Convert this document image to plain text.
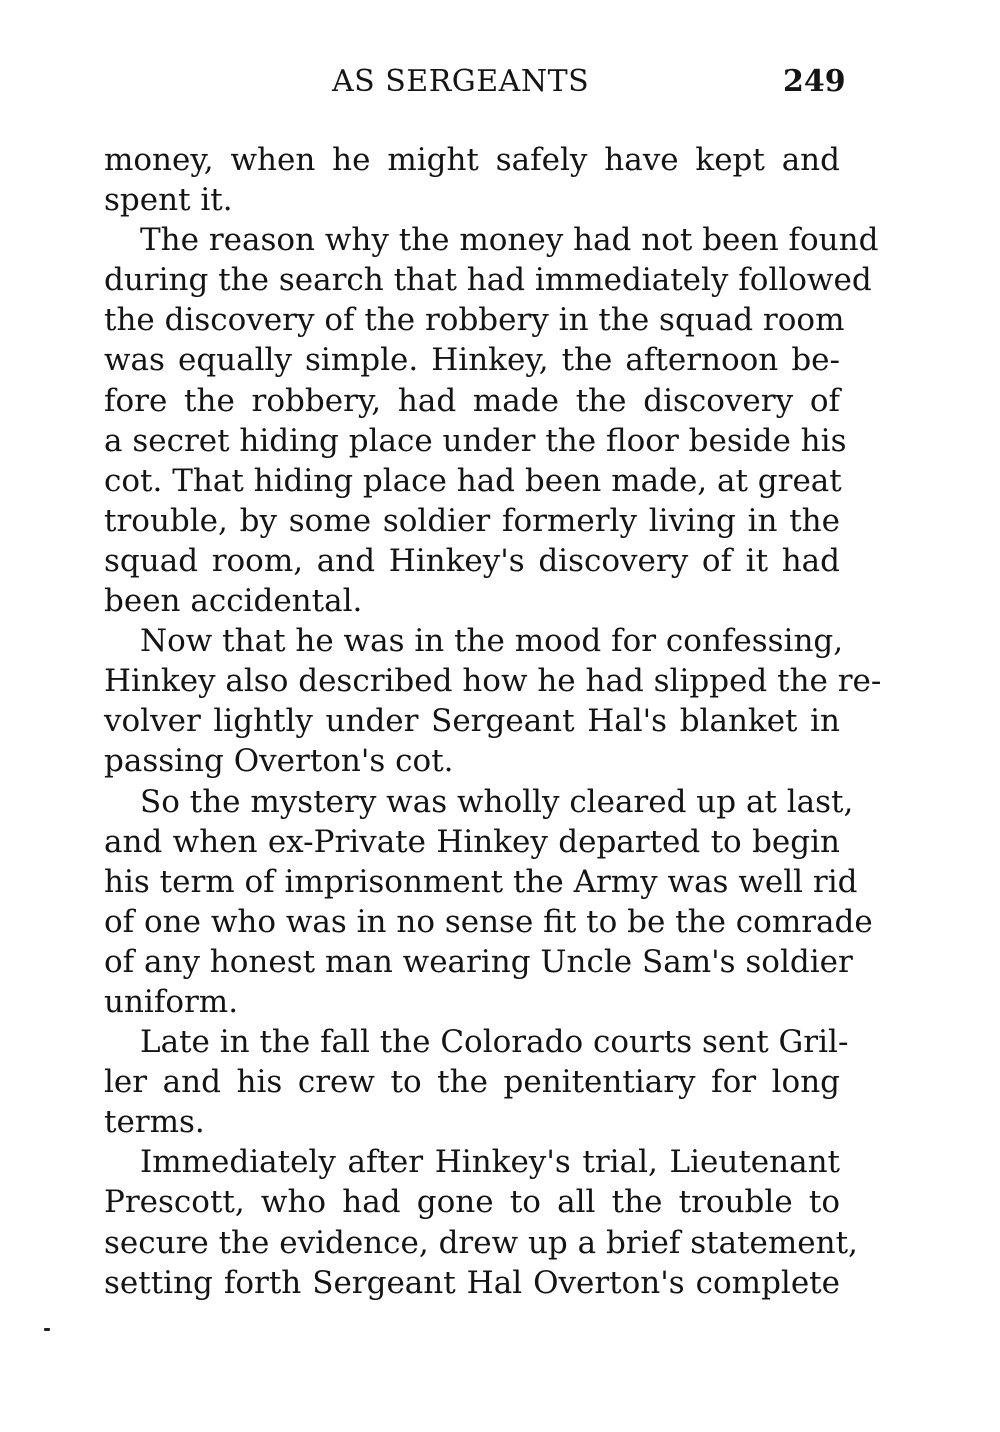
AS SERGEANTS	249
money, when he might safely have kept and
spent it.
The reason why the money had not been found
during the search that had immediately followed
the discovery of the robbery in the squad room
was equally simple. Hinkey, the afternoon be-
fore the robbery, had made the discovery of
a secret hiding place under the floor beside his
cot. That hiding place had been made, at great
trouble, by some soldier formerly living in the
squad room, and Hinkey's discovery of it had
been accidental.
Now that he was in the mood for confessing,
Hinkey also described how he had slipped the re-
volver lightly under Sergeant Hal's blanket in
passing Overton's cot.
So the mystery was wholly cleared up at last,
and when ex-Private Hinkey departed to begin
his term of imprisonment the Army was well rid
of one who was in no sense fit to be the comrade
of any honest man wearing Uncle Sam's soldier
uniform.
Late in the fall the Colorado courts sent Gril-
ler and his crew to the penitentiary for long
terms.
Immediately after Hinkey's trial, Lieutenant
Prescott, who had gone to all the trouble to
secure the evidence, drew up a brief statement,
setting forth Sergeant Hal Overton's complete
